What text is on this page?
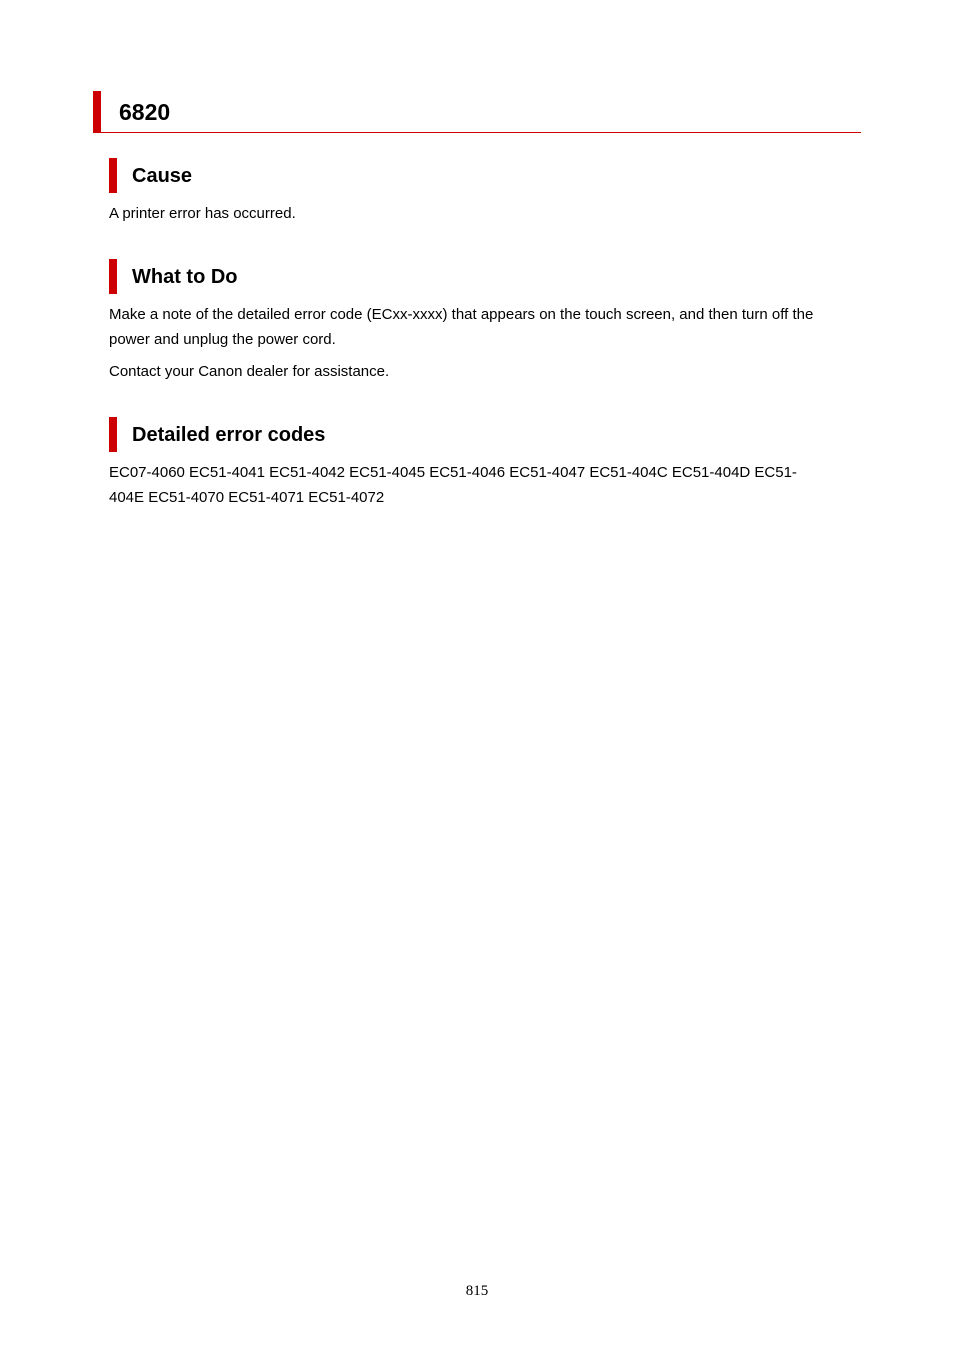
6820
Cause

A printer error has occurred.

What to Do

Make a note of the detailed error code (ECxx-xxxx) that appears on the touch screen, and then turn off the power and unplug the power cord.

Contact your Canon dealer for assistance.

Detailed error codes

EC07-4060 EC51-4041 EC51-4042 EC51-4045 EC51-4046 EC51-4047 EC51-404C EC51-404D EC51-404E EC51-4070 EC51-4071 EC51-4072

815
